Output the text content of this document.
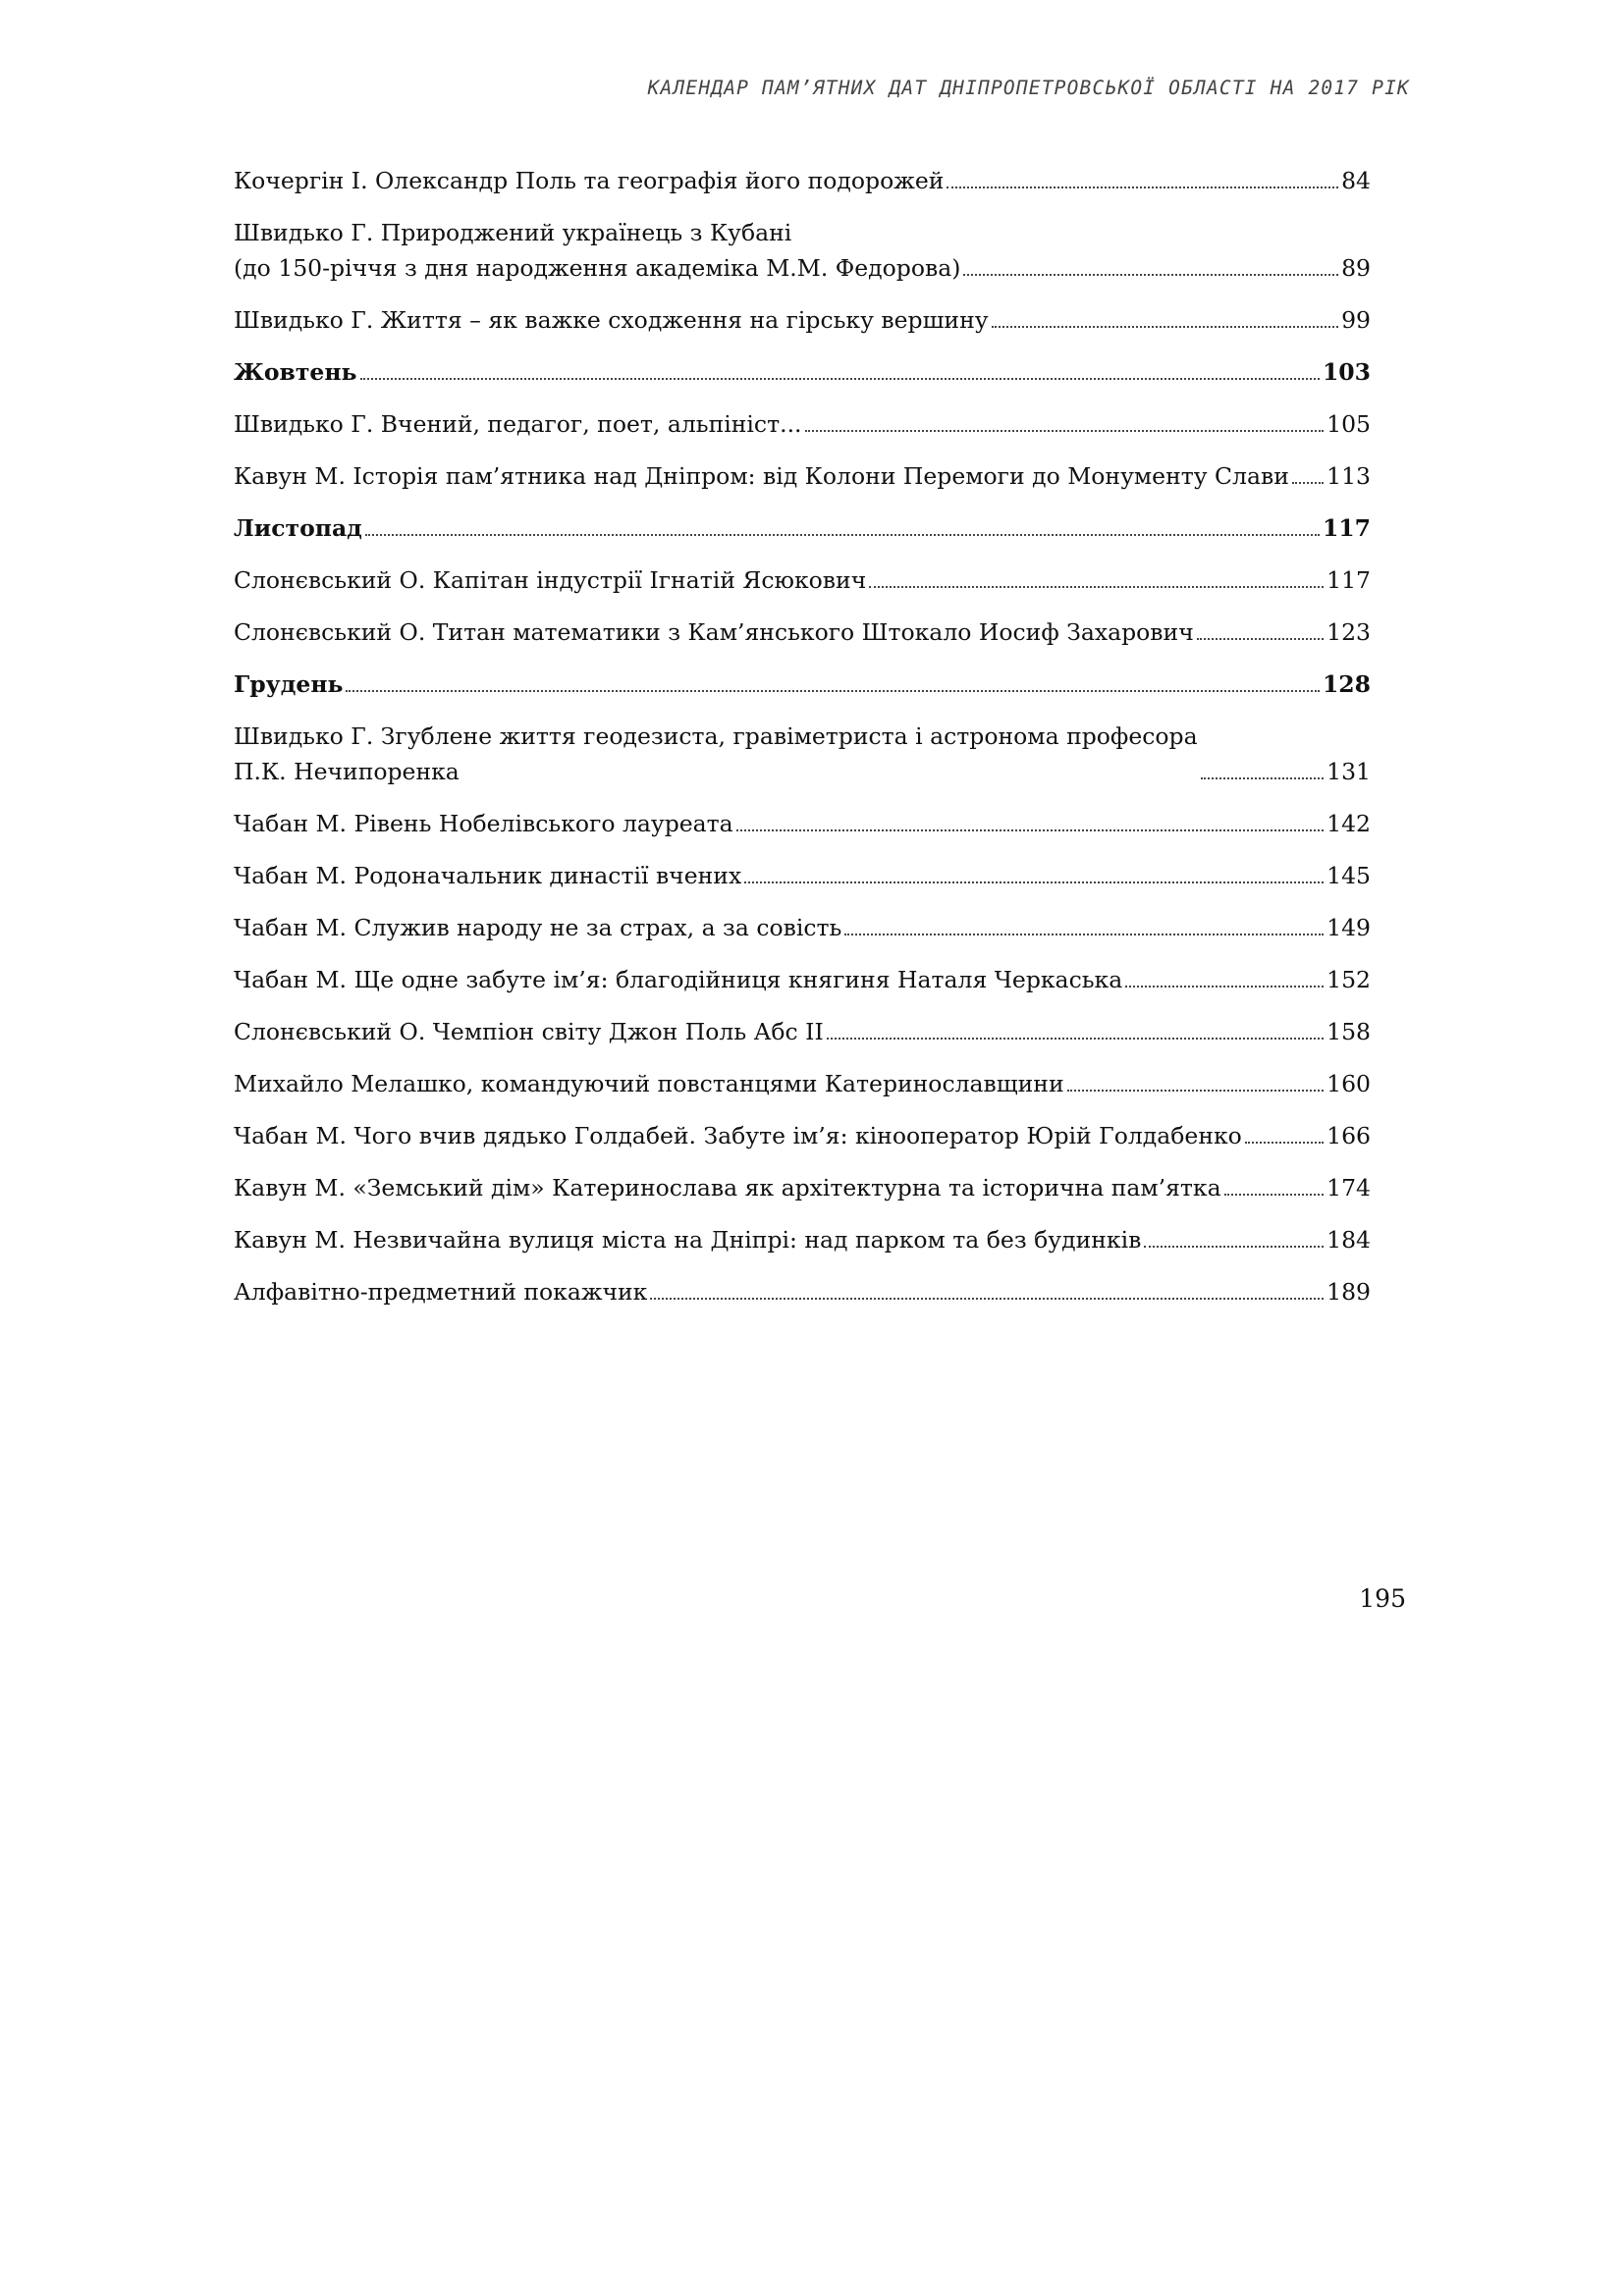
КАЛЕНДАР ПАМ’ЯТНИХ ДАТ ДНІПРОПЕТРОВСЬКОЇ ОБЛАСТІ НА 2017 РІК
Кочергін І. Олександр Поль та географія його подорожей	84
Швидько Г. Природжений українець з Кубані
(до 150-річчя з дня народження академіка М.М. Федорова)	89
Швидько Г. Життя – як важке сходження на гірську вершину	99
Жовтень	103
Швидько Г. Вчений, педагог, поет, альпініст...	105
Кавун М. Історія пам’ятника над Дніпром: від Колони Перемоги до Монументу Слави 113
Листопад	117
Слонєвський О. Капітан індустрії Ігнатій Ясюкович	117
Слонєвський О. Титан математики з Кам’янського Штокало Иосиф Захарович	123
Грудень	128
Швидько Г. Згублене життя геодезиста, гравіметриста і астронома професора
П.К. Нечипоренка	131
Чабан М. Рівень Нобелівського лауреата	142
Чабан М. Родоначальник династії вчених	145
Чабан М. Служив народу не за страх, а за совість	149
Чабан М. Ще одне забуте ім’я: благодійниця княгиня Наталя Черкаська	152
Слонєвський О. Чемпіон світу Джон Поль Абс II	158
Михайло Мелашко, командуючий повстанцями Катеринославщини	160
Чабан М. Чого вчив дядько Голдабей. Забуте ім’я: кінооператор Юрій Голдабенко	166
Кавун М. «Земський дім» Катеринослава як архітектурна та історична пам’ятка	174
Кавун М. Незвичайна вулиця міста на Дніпрі: над парком та без будинків	184
Алфавітно-предметний покажчик	189
195
